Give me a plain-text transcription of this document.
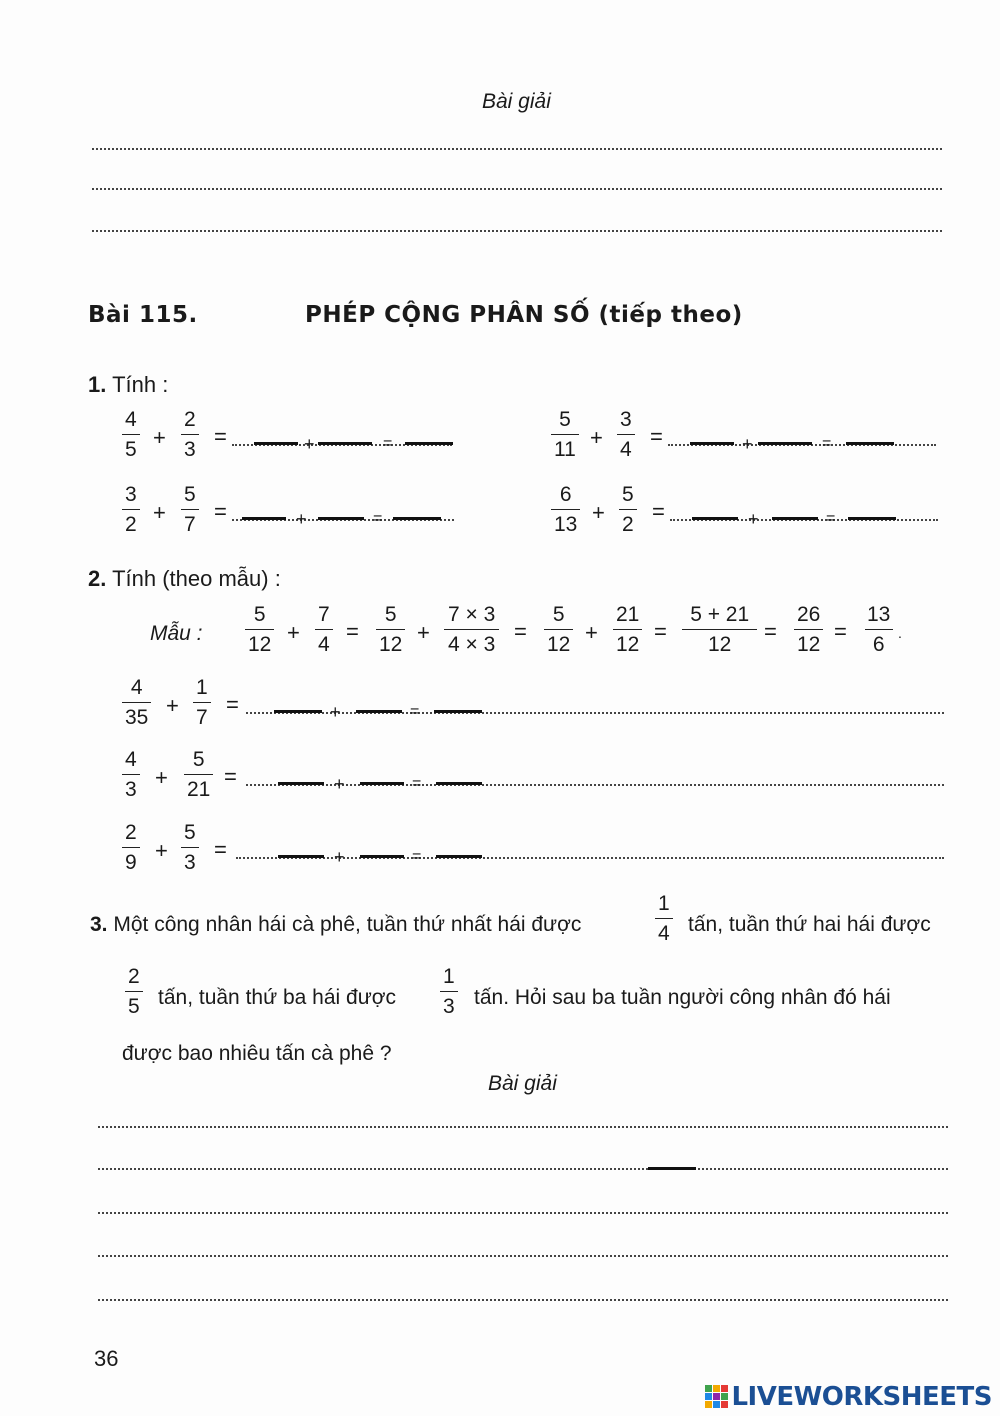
Bài giải
Bài 115.	PHÉP CỘNG PHÂN SỐ (tiếp theo)
1. Tính :
$\frac{4}{5} + \frac{2}{3}$ =	+	=	$\frac{5}{11} + \frac{3}{4}$ =	+	=
$\frac{3}{2} + \frac{5}{7}$ =	+	=	$\frac{6}{13} + \frac{5}{2}$ =	+	=
2. Tính (theo mẫu) :
Mẫu : $\frac{5}{12} + \frac{7}{4} = \frac{5}{12} + \frac{7 \times 3}{4 \times 3} = \frac{5}{12} + \frac{21}{12} = \frac{5 + 21}{12} = \frac{26}{12} = \frac{13}{6}$ .
$\frac{4}{35} + \frac{1}{7}$ =	+	=
$\frac{4}{3} + \frac{5}{21}$ =	+	=
$\frac{2}{9} + \frac{5}{3}$ =	+	=
3. Một công nhân hái cà phê, tuần thứ nhất hái được	$\frac{1}{4}$ tấn, tuần thứ hai hái được
$\frac{2}{5}$ tấn, tuần thứ ba hái được $\frac{1}{3}$ tấn. Hỏi sau ba tuần người công nhân đó hái
được bao nhiêu tấn cà phê ?
Bài giải
36
LIVEWORKSHEETS
